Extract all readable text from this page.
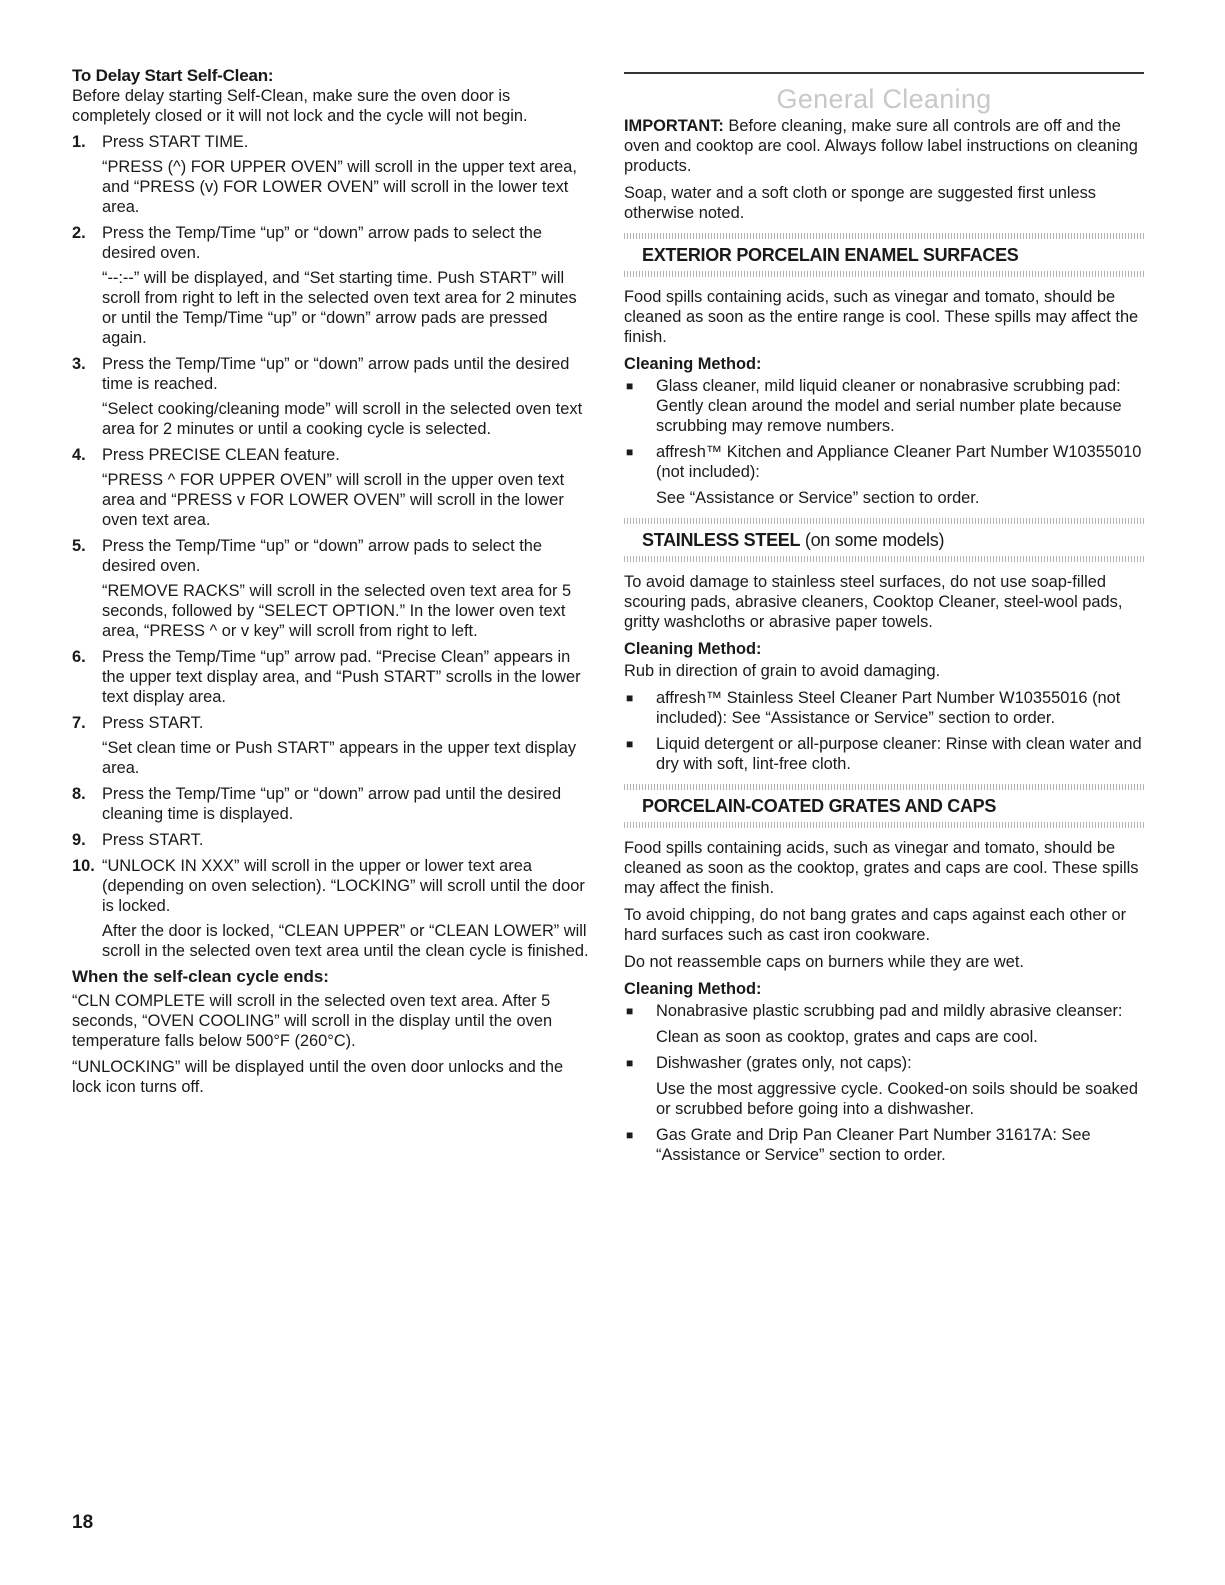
To Delay Start Self-Clean:

Before delay starting Self-Clean, make sure the oven door is completely closed or it will not lock and the cycle will not begin.

1. Press START TIME.
“PRESS (^) FOR UPPER OVEN” will scroll in the upper text area, and “PRESS (v) FOR LOWER OVEN” will scroll in the lower text area.
2. Press the Temp/Time “up” or “down” arrow pads to select the desired oven.
“--:--” will be displayed, and “Set starting time. Push START” will scroll from right to left in the selected oven text area for 2 minutes or until the Temp/Time “up” or “down” arrow pads are pressed again.
3. Press the Temp/Time “up” or “down” arrow pads until the desired time is reached.
“Select cooking/cleaning mode” will scroll in the selected oven text area for 2 minutes or until a cooking cycle is selected.
4. Press PRECISE CLEAN feature.
“PRESS ^ FOR UPPER OVEN” will scroll in the upper oven text area and “PRESS v FOR LOWER OVEN” will scroll in the lower oven text area.
5. Press the Temp/Time “up” or “down” arrow pads to select the desired oven.
“REMOVE RACKS” will scroll in the selected oven text area for 5 seconds, followed by “SELECT OPTION.” In the lower oven text area, “PRESS ^ or v key” will scroll from right to left.
6. Press the Temp/Time “up” arrow pad. “Precise Clean” appears in the upper text display area, and “Push START” scrolls in the lower text display area.
7. Press START.
“Set clean time or Push START” appears in the upper text display area.
8. Press the Temp/Time “up” or “down” arrow pad until the desired cleaning time is displayed.
9. Press START.
10. “UNLOCK IN XXX” will scroll in the upper or lower text area (depending on oven selection). “LOCKING” will scroll until the door is locked.
After the door is locked, “CLEAN UPPER” or “CLEAN LOWER” will scroll in the selected oven text area until the clean cycle is finished.
When the self-clean cycle ends:

“CLN COMPLETE will scroll in the selected oven text area. After 5 seconds, “OVEN COOLING” will scroll in the display until the oven temperature falls below 500°F (260°C).

“UNLOCKING” will be displayed until the oven door unlocks and the lock icon turns off.

General Cleaning

IMPORTANT: Before cleaning, make sure all controls are off and the oven and cooktop are cool. Always follow label instructions on cleaning products.

Soap, water and a soft cloth or sponge are suggested first unless otherwise noted.

EXTERIOR PORCELAIN ENAMEL SURFACES

Food spills containing acids, such as vinegar and tomato, should be cleaned as soon as the entire range is cool. These spills may affect the finish.

Cleaning Method:
■	Glass cleaner, mild liquid cleaner or nonabrasive scrubbing pad: Gently clean around the model and serial number plate because scrubbing may remove numbers.
■	affresh™ Kitchen and Appliance Cleaner Part Number W10355010 (not included):
See “Assistance or Service” section to order.
STAINLESS STEEL (on some models)

To avoid damage to stainless steel surfaces, do not use soap-filled scouring pads, abrasive cleaners, Cooktop Cleaner, steel-wool pads, gritty washcloths or abrasive paper towels.

Cleaning Method:

Rub in direction of grain to avoid damaging.

■	affresh™ Stainless Steel Cleaner Part Number W10355016 (not included): See “Assistance or Service” section to order.
■	Liquid detergent or all-purpose cleaner: Rinse with clean water and dry with soft, lint-free cloth.
PORCELAIN-COATED GRATES AND CAPS

Food spills containing acids, such as vinegar and tomato, should be cleaned as soon as the cooktop, grates and caps are cool. These spills may affect the finish.

To avoid chipping, do not bang grates and caps against each other or hard surfaces such as cast iron cookware.

Do not reassemble caps on burners while they are wet.

Cleaning Method:
■	Nonabrasive plastic scrubbing pad and mildly abrasive cleanser:
Clean as soon as cooktop, grates and caps are cool.
■	Dishwasher (grates only, not caps):
Use the most aggressive cycle. Cooked-on soils should be soaked or scrubbed before going into a dishwasher.
■	Gas Grate and Drip Pan Cleaner Part Number 31617A: See “Assistance or Service” section to order.
18
